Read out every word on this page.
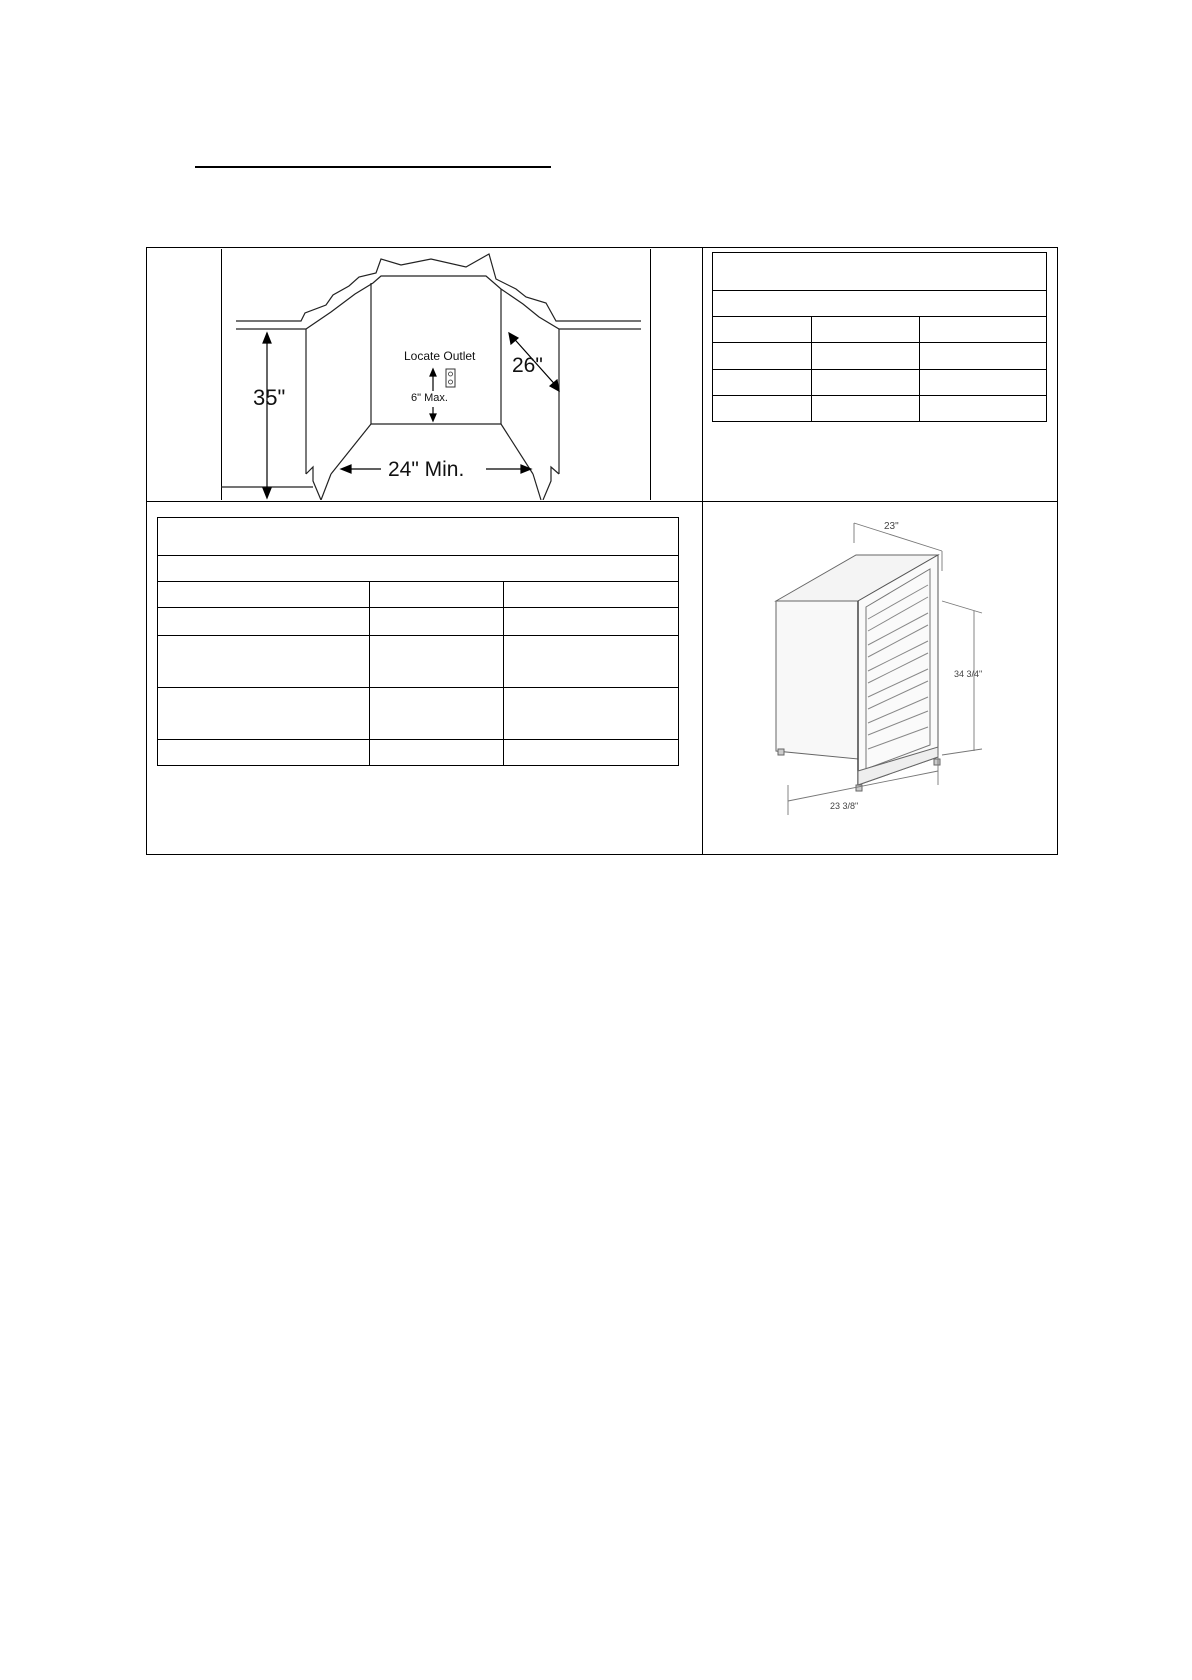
Locate Outlet
6" Max.
35"
26"
24" Min.

23"
34 3/4"
23 3/8"
